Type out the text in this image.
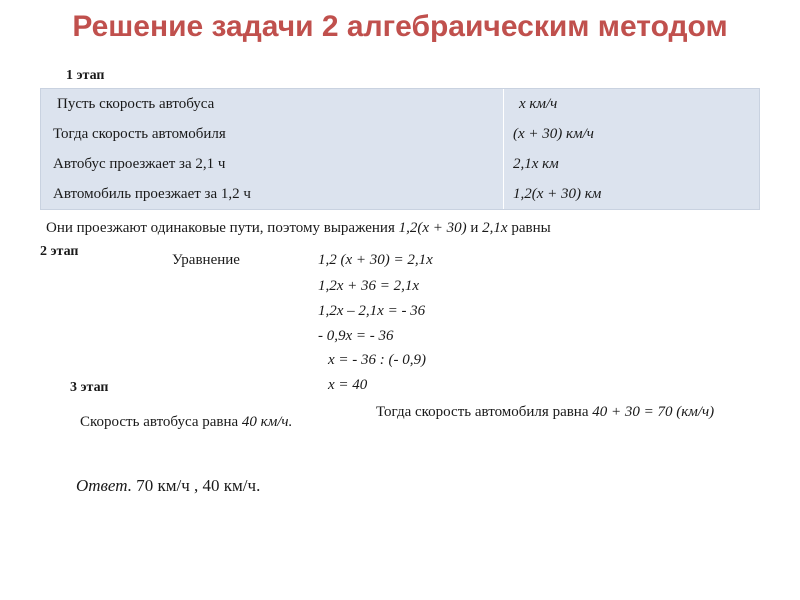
Решение задачи 2 алгебраическим методом
1 этап
Пусть скорость автобуса	х км/ч
Тогда скорость автомобиля	(х + 30) км/ч
Автобус проезжает за 2,1 ч	2,1х км
Автомобиль проезжает за 1,2 ч	1,2(х + 30) км
Они проезжают одинаковые пути, поэтому выражения 1,2(х + 30) и 2,1х равны
2 этап
Уравнение	1,2 (х + 30) = 2,1х
1,2х + 36 = 2,1х
1,2х – 2,1х = - 36
- 0,9х = - 36
х = - 36 : (- 0,9)
х = 40
3 этап
Скорость автобуса равна 40 км/ч.
Тогда скорость автомобиля равна 40 + 30 = 70 (км/ч)
Ответ. 70 км/ч , 40 км/ч.
